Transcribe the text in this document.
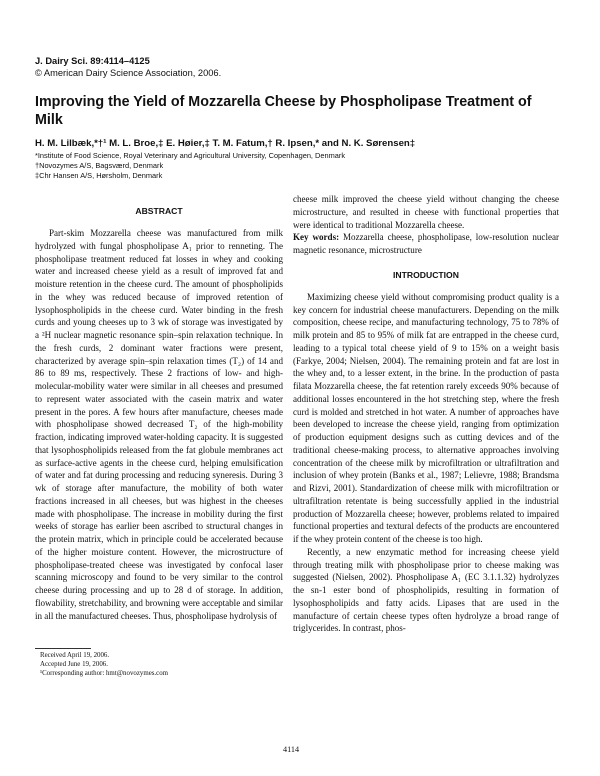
J. Dairy Sci. 89:4114–4125
© American Dairy Science Association, 2006.
Improving the Yield of Mozzarella Cheese by Phospholipase Treatment of Milk
H. M. Lilbæk,*†¹ M. L. Broe,‡ E. Høier,‡ T. M. Fatum,† R. Ipsen,* and N. K. Sørensen‡
*Institute of Food Science, Royal Veterinary and Agricultural University, Copenhagen, Denmark
†Novozymes A/S, Bagsværd, Denmark
‡Chr Hansen A/S, Hørsholm, Denmark
ABSTRACT

Part-skim Mozzarella cheese was manufactured from milk hydrolyzed with fungal phospholipase A₁ prior to renneting. The phospholipase treatment reduced fat losses in whey and cooking water and increased cheese yield as a result of improved fat and moisture retention in the cheese curd. The amount of phospholipids in the whey was reduced because of improved retention of lysophospholipids in the cheese curd. Water binding in the fresh curds and young cheeses up to 3 wk of storage was investigated by a ²H nuclear magnetic resonance spin–spin relaxation technique. In the fresh curds, 2 dominant water fractions were present, characterized by average spin–spin relaxation times (T₂) of 14 and 86 to 89 ms, respectively. These 2 fractions of low- and high-molecular-mobility water were similar in all cheeses and presumed to represent water associated with the casein matrix and water present in the pores. A few hours after manufacture, cheeses made with phospholipase showed decreased T₂ of the high-mobility fraction, indicating improved water-holding capacity. It is suggested that lysophospholipids released from the fat globule membranes act as surface-active agents in the cheese curd, helping emulsification of water and fat during processing and reducing syneresis. During 3 wk of storage after manufacture, the mobility of both water fractions increased in all cheeses, but was highest in the cheeses made with phospholipase. The increase in mobility during the first weeks of storage has earlier been ascribed to structural changes in the protein matrix, which in principle could be accelerated because of the higher moisture content. However, the microstructure of phospholipase-treated cheese was investigated by confocal laser scanning microscopy and found to be very similar to the control cheese during processing and up to 28 d of storage. In addition, flowability, stretchability, and browning were acceptable and similar in all the manufactured cheeses. Thus, phospholipase hydrolysis of

cheese milk improved the cheese yield without changing the cheese microstructure, and resulted in cheese with functional properties that were identical to traditional Mozzarella cheese.

Key words: Mozzarella cheese, phospholipase, low-resolution nuclear magnetic resonance, microstructure

INTRODUCTION

Maximizing cheese yield without compromising product quality is a key concern for industrial cheese manufacturers. Depending on the milk composition, cheese recipe, and manufacturing technology, 75 to 78% of milk protein and 85 to 95% of milk fat are entrapped in the cheese curd, leading to a typical total cheese yield of 9 to 15% on a weight basis (Farkye, 2004; Nielsen, 2004). The remaining protein and fat are lost in the whey and, to a lesser extent, in the brine. In the production of pasta filata Mozzarella cheese, the fat retention rarely exceeds 90% because of additional losses encountered in the hot stretching step, where the fresh curd is molded and stretched in hot water. A number of approaches have been developed to increase the cheese yield, ranging from optimization of production equipment designs such as cutting devices and of the traditional cheese-making process, to alternative approaches involving concentration of the cheese milk by microfiltration or ultrafiltration and inclusion of whey protein (Banks et al., 1987; Lelievre, 1988; Brandsma and Rizvi, 2001). Standardization of cheese milk with microfiltration or ultrafiltration retentate is being successfully applied in the industrial production of Mozzarella cheese; however, problems related to impaired functional properties and textural defects of the products are encountered if the whey protein content of the cheese is too high.

Recently, a new enzymatic method for increasing cheese yield through treating milk with phospholipase prior to cheese making was suggested (Nielsen, 2002). Phospholipase A₁ (EC 3.1.1.32) hydrolyzes the sn-1 ester bond of phospholipids, resulting in formation of lysophospholipids and fatty acids. Lipases that are used in the manufacture of certain cheese types often hydrolyze a broad range of triglycerides. In contrast, phos-

Received April 19, 2006.
Accepted June 19, 2006.
¹Corresponding author: hmt@novozymes.com
4114
